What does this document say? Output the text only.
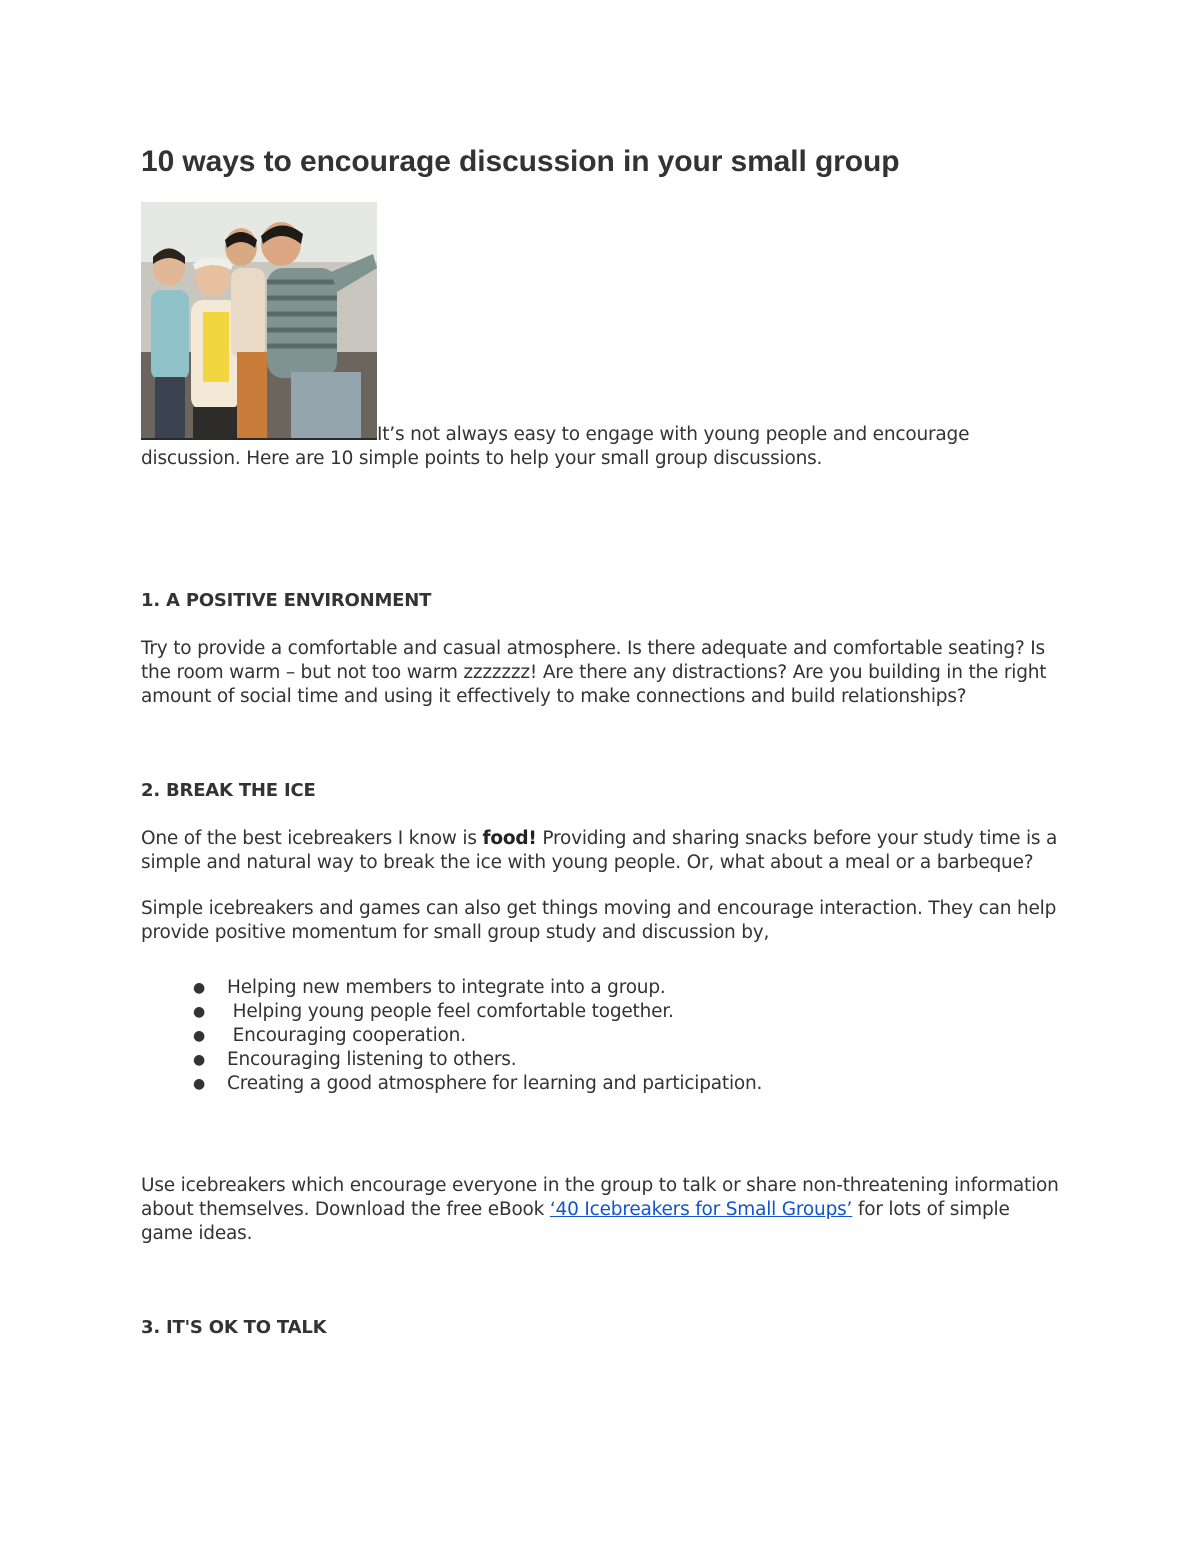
10 ways to encourage discussion in your small group
It’s not always easy to engage with young people and encourage discussion. Here are 10 simple points to help your small group discussions.

1. A POSITIVE ENVIRONMENT

Try to provide a comfortable and casual atmosphere. Is there adequate and comfortable seating? Is the room warm – but not too warm zzzzzzz! Are there any distractions? Are you building in the right amount of social time and using it effectively to make connections and build relationships?

2. BREAK THE ICE

One of the best icebreakers I know is food! Providing and sharing snacks before your study time is a simple and natural way to break the ice with young people. Or, what about a meal or a barbeque?

Simple icebreakers and games can also get things moving and encourage interaction. They can help provide positive momentum for small group study and discussion by,

● Helping new members to integrate into a group.
● Helping young people feel comfortable together.
● Encouraging cooperation.
● Encouraging listening to others.
● Creating a good atmosphere for learning and participation.

Use icebreakers which encourage everyone in the group to talk or share non-threatening information about themselves. Download the free eBook ‘40 Icebreakers for Small Groups’ for lots of simple game ideas.

3. IT'S OK TO TALK
